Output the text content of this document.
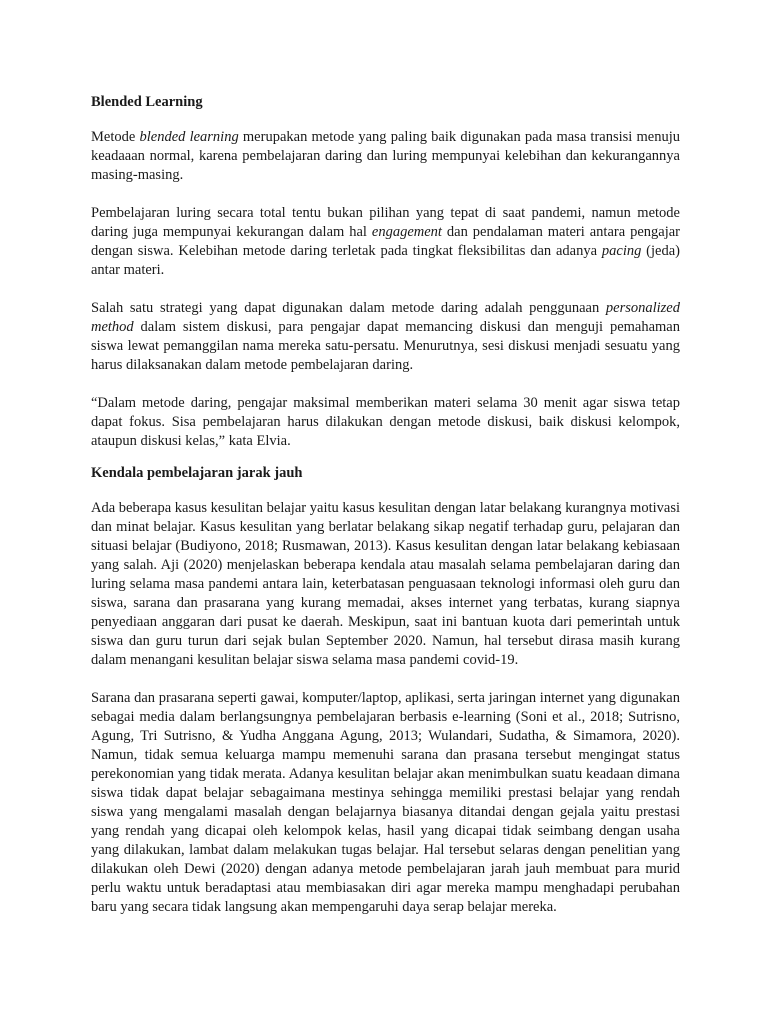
Blended Learning

Metode blended learning merupakan metode yang paling baik digunakan pada masa transisi menuju keadaaan normal, karena pembelajaran daring dan luring mempunyai kelebihan dan kekurangannya masing-masing.

Pembelajaran luring secara total tentu bukan pilihan yang tepat di saat pandemi, namun metode daring juga mempunyai kekurangan dalam hal engagement dan pendalaman materi antara pengajar dengan siswa. Kelebihan metode daring terletak pada tingkat fleksibilitas dan adanya pacing (jeda) antar materi.

Salah satu strategi yang dapat digunakan dalam metode daring adalah penggunaan personalized method dalam sistem diskusi, para pengajar dapat memancing diskusi dan menguji pemahaman siswa lewat pemanggilan nama mereka satu-persatu. Menurutnya, sesi diskusi menjadi sesuatu yang harus dilaksanakan dalam metode pembelajaran daring.

“Dalam metode daring, pengajar maksimal memberikan materi selama 30 menit agar siswa tetap dapat fokus. Sisa pembelajaran harus dilakukan dengan metode diskusi, baik diskusi kelompok, ataupun diskusi kelas,” kata Elvia.

Kendala pembelajaran jarak jauh

Ada beberapa kasus kesulitan belajar yaitu kasus kesulitan dengan latar belakang kurangnya motivasi dan minat belajar. Kasus kesulitan yang berlatar belakang sikap negatif terhadap guru, pelajaran dan situasi belajar (Budiyono, 2018; Rusmawan, 2013). Kasus kesulitan dengan latar belakang kebiasaan yang salah. Aji (2020) menjelaskan beberapa kendala atau masalah selama pembelajaran daring dan luring selama masa pandemi antara lain, keterbatasan penguasaan teknologi informasi oleh guru dan siswa, sarana dan prasarana yang kurang memadai, akses internet yang terbatas, kurang siapnya penyediaan anggaran dari pusat ke daerah. Meskipun, saat ini bantuan kuota dari pemerintah untuk siswa dan guru turun dari sejak bulan September 2020. Namun, hal tersebut dirasa masih kurang dalam menangani kesulitan belajar siswa selama masa pandemi covid-19.

Sarana dan prasarana seperti gawai, komputer/laptop, aplikasi, serta jaringan internet yang digunakan sebagai media dalam berlangsungnya pembelajaran berbasis e-learning (Soni et al., 2018; Sutrisno, Agung, Tri Sutrisno, & Yudha Anggana Agung, 2013; Wulandari, Sudatha, & Simamora, 2020). Namun, tidak semua keluarga mampu memenuhi sarana dan prasana tersebut mengingat status perekonomian yang tidak merata. Adanya kesulitan belajar akan menimbulkan suatu keadaan dimana siswa tidak dapat belajar sebagaimana mestinya sehingga memiliki prestasi belajar yang rendah siswa yang mengalami masalah dengan belajarnya biasanya ditandai dengan gejala yaitu prestasi yang rendah yang dicapai oleh kelompok kelas, hasil yang dicapai tidak seimbang dengan usaha yang dilakukan, lambat dalam melakukan tugas belajar. Hal tersebut selaras dengan penelitian yang dilakukan oleh Dewi (2020) dengan adanya metode pembelajaran jarah jauh membuat para murid perlu waktu untuk beradaptasi atau membiasakan diri agar mereka mampu menghadapi perubahan baru yang secara tidak langsung akan mempengaruhi daya serap belajar mereka.
